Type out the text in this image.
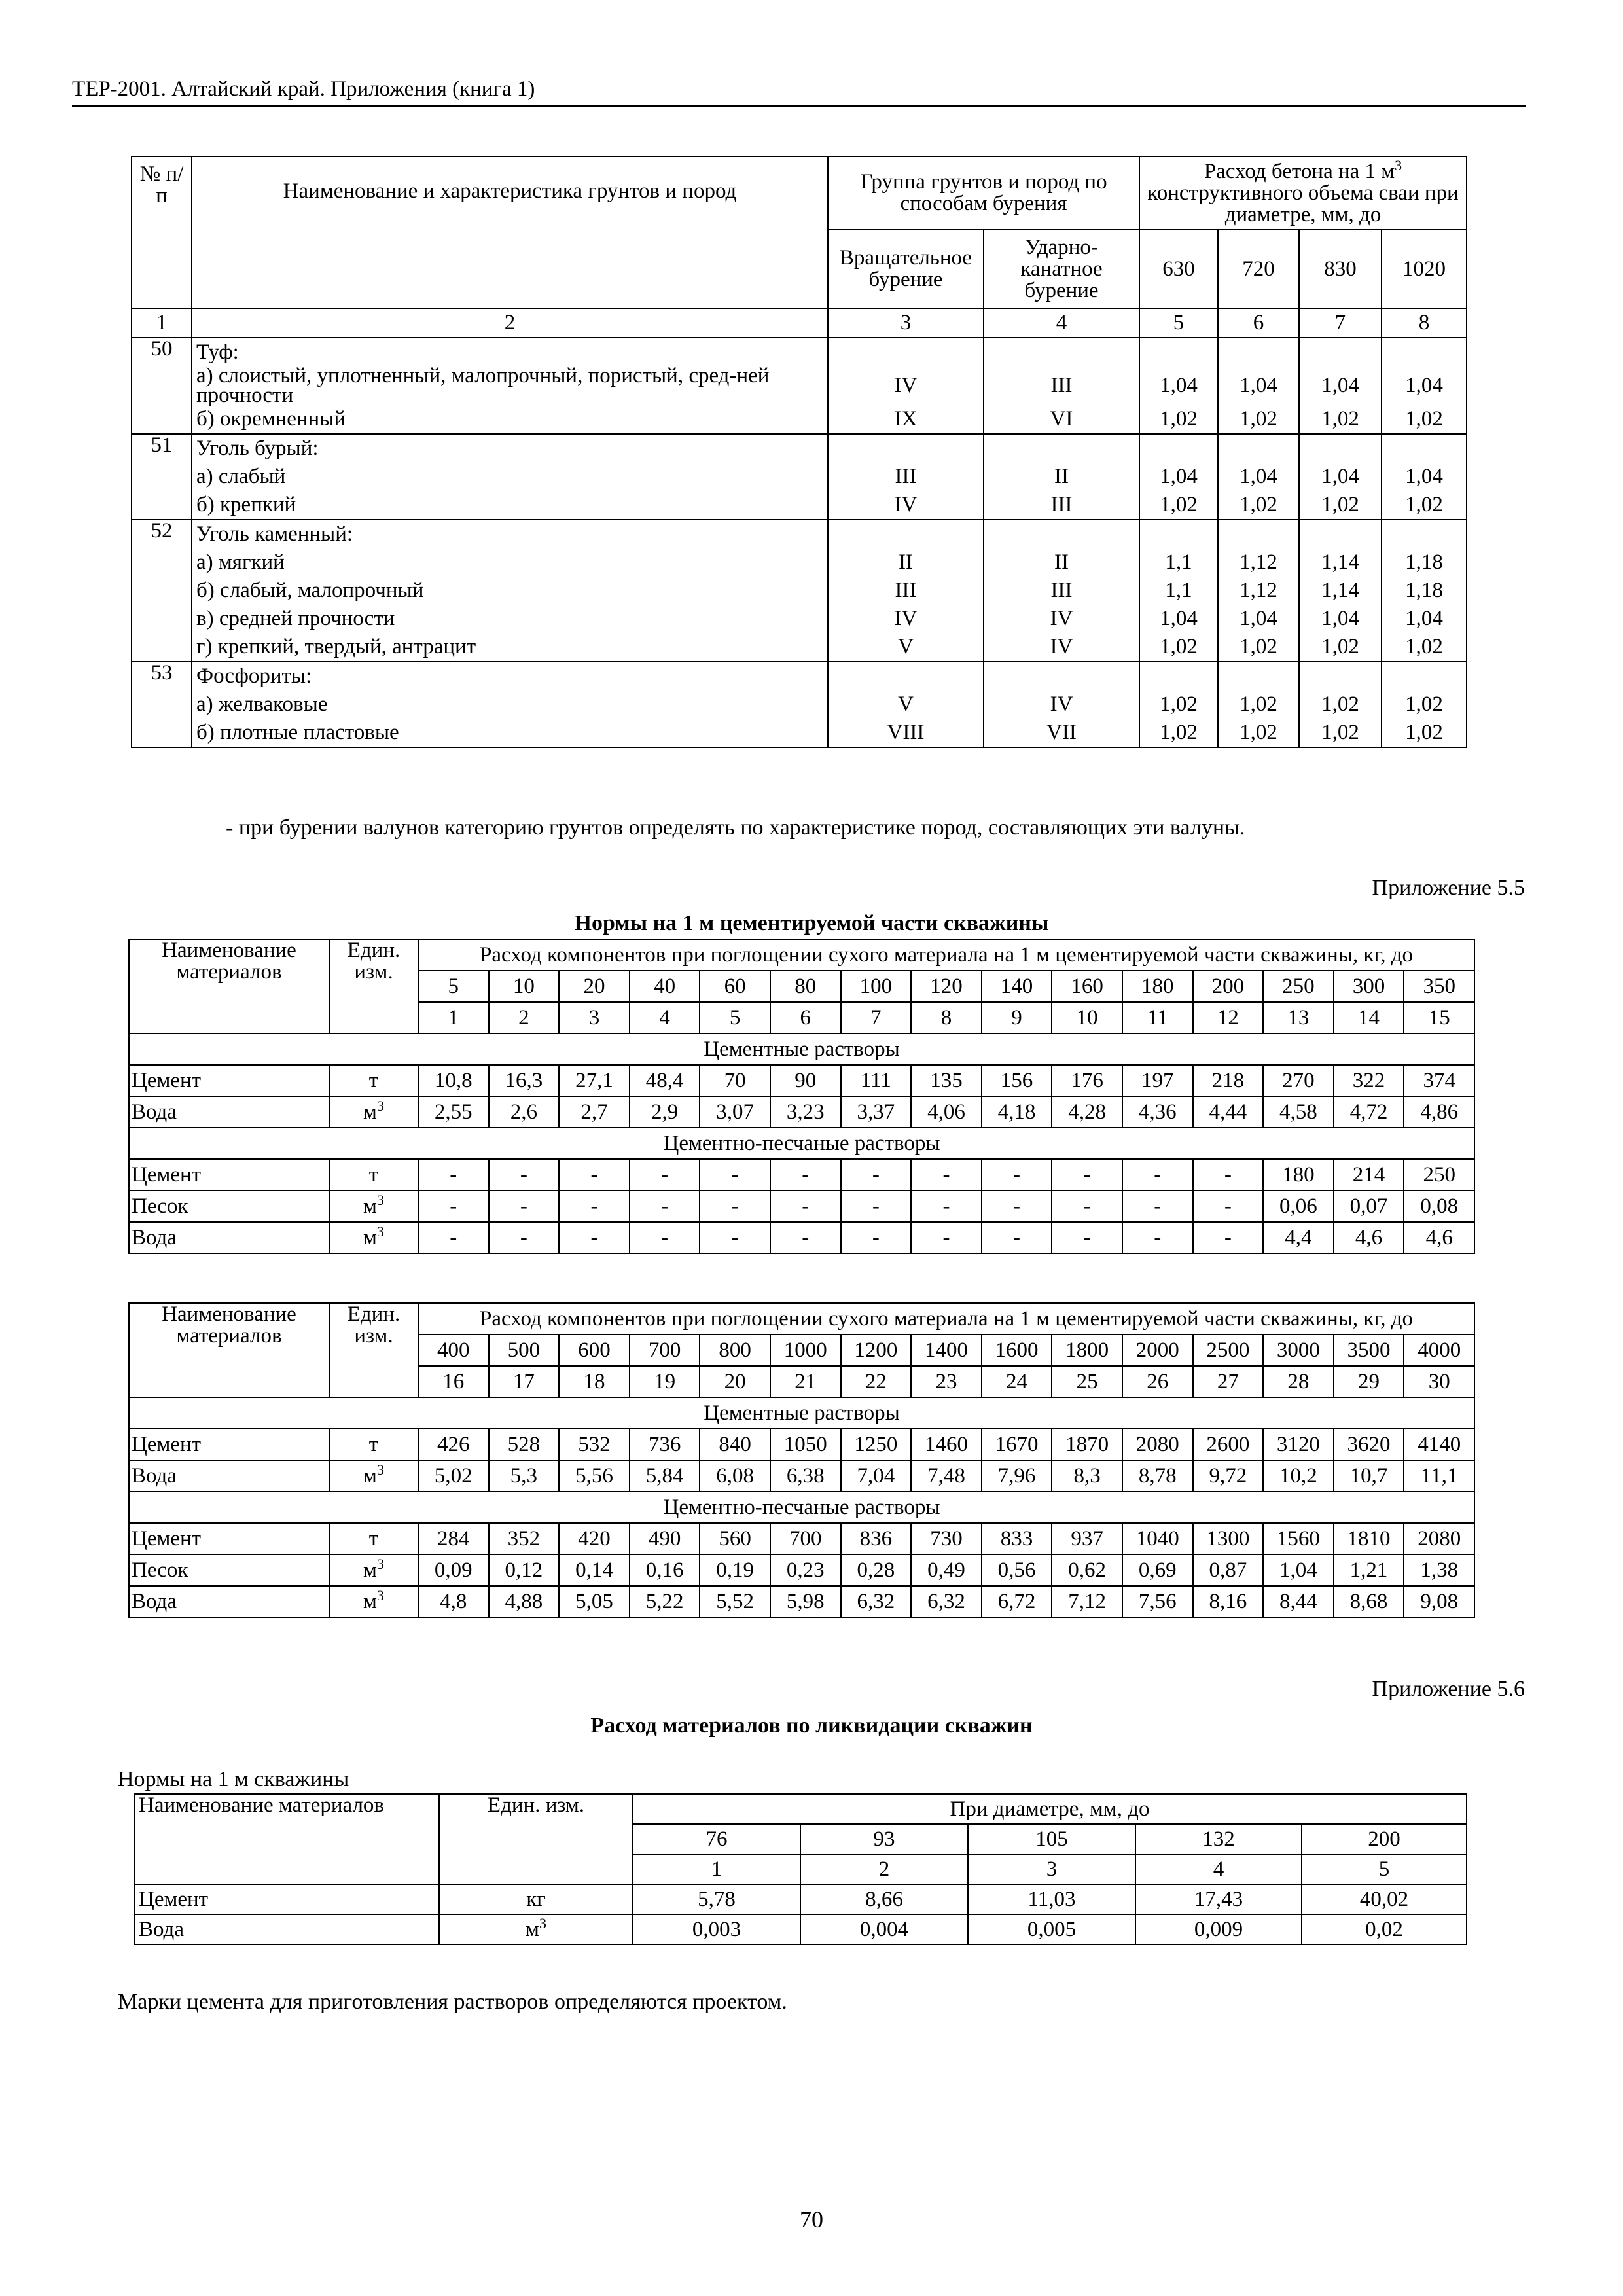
ТЕР-2001. Алтайский край. Приложения (книга 1)
№ п/п	Наименование и характеристика грунтов и пород	Группа грунтов и пород по способам бурения		Расход бетона на 1 $м^3$ конструктивного объема сваи при диаметре, мм, до			
		Вращательное бурение	Ударно-канатное бурение	630	720	830	1020
1	2	3	4	5	6	7	8
50	Туф:						
	а) слоистый, уплотненный, малопрочный, пористый, сред-ней прочности	IV	III	1,04	1,04	1,04	1,04
	б) окремненный	IX	VI	1,02	1,02	1,02	1,02
51	Уголь бурый:						
	а) слабый	III	II	1,04	1,04	1,04	1,04
	б) крепкий	IV	III	1,02	1,02	1,02	1,02
52	Уголь каменный:						
	а) мягкий	II	II	1,1	1,12	1,14	1,18
	б) слабый, малопрочный	III	III	1,1	1,12	1,14	1,18
	в) средней прочности	IV	IV	1,04	1,04	1,04	1,04
	г) крепкий, твердый, антрацит	V	IV	1,02	1,02	1,02	1,02
53	Фосфориты:						
	а) желваковые	V	IV	1,02	1,02	1,02	1,02
	б) плотные пластовые	VIII	VII	1,02	1,02	1,02	1,02
- при бурении валунов категорию грунтов определять по характеристике пород, составляющих эти валуны.
Приложение 5.5
Нормы на 1 м цементируемой части скважины
Наименование материалов	Един. изм.	Расход компонентов при поглощении сухого материала на 1 м цементируемой части скважины, кг, до														
		5	10	20	40	60	80	100	120	140	160	180	200	250	300	350
		1	2	3	4	5	6	7	8	9	10	11	12	13	14	15
Цементные растворы																
Цемент	т	10,8	16,3	27,1	48,4	70	90	111	135	156	176	197	218	270	322	374
Вода	$м^3$	2,55	2,6	2,7	2,9	3,07	3,23	3,37	4,06	4,18	4,28	4,36	4,44	4,58	4,72	4,86
Цементно-песчаные растворы																
Цемент	т	-	-	-	-	-	-	-	-	-	-	-	-	180	214	250
Песок	$м^3$	-	-	-	-	-	-	-	-	-	-	-	-	0,06	0,07	0,08
Вода	$м^3$	-	-	-	-	-	-	-	-	-	-	-	-	4,4	4,6	4,6
Наименование материалов	Един. изм.	Расход компонентов при поглощении сухого материала на 1 м цементируемой части скважины, кг, до														
		400	500	600	700	800	1000	1200	1400	1600	1800	2000	2500	3000	3500	4000
		16	17	18	19	20	21	22	23	24	25	26	27	28	29	30
Цементные растворы																
Цемент	т	426	528	532	736	840	1050	1250	1460	1670	1870	2080	2600	3120	3620	4140
Вода	$м^3$	5,02	5,3	5,56	5,84	6,08	6,38	7,04	7,48	7,96	8,3	8,78	9,72	10,2	10,7	11,1
Цементно-песчаные растворы																
Цемент	т	284	352	420	490	560	700	836	730	833	937	1040	1300	1560	1810	2080
Песок	$м^3$	0,09	0,12	0,14	0,16	0,19	0,23	0,28	0,49	0,56	0,62	0,69	0,87	1,04	1,21	1,38
Вода	$м^3$	4,8	4,88	5,05	5,22	5,52	5,98	6,32	6,32	6,72	7,12	7,56	8,16	8,44	8,68	9,08
Приложение 5.6
Расход материалов по ликвидации скважин
Нормы на 1 м скважины
Наименование материалов	Един. изм.	При диаметре, мм, до				
		76	93	105	132	200
		1	2	3	4	5
Цемент	кг	5,78	8,66	11,03	17,43	40,02
Вода	$м^3$	0,003	0,004	0,005	0,009	0,02
Марки цемента для приготовления растворов определяются проектом.
70
